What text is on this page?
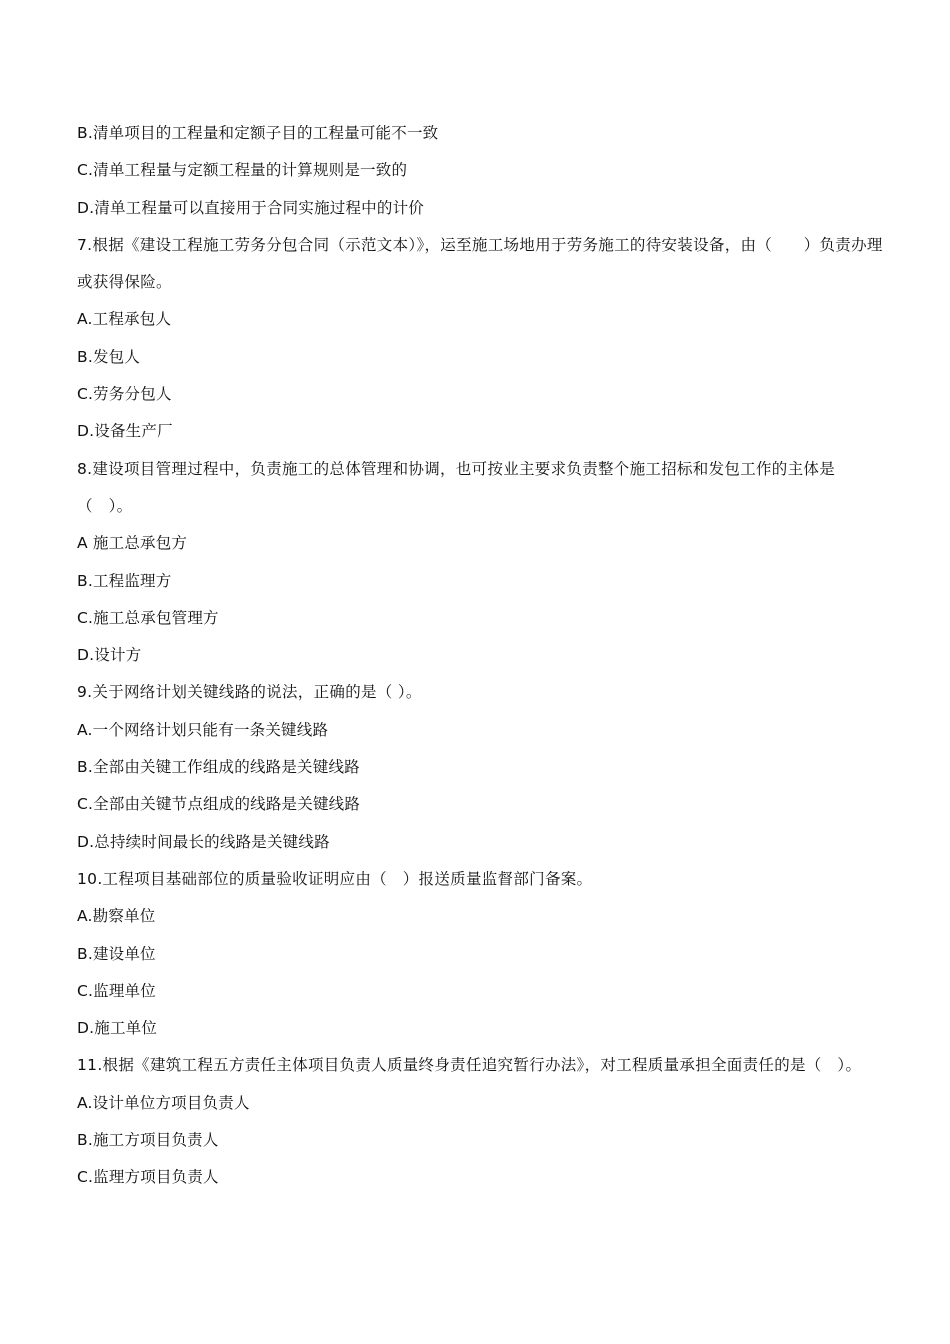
B.清单项目的工程量和定额子目的工程量可能不一致
C.清单工程量与定额工程量的计算规则是一致的
D.清单工程量可以直接用于合同实施过程中的计价
7.根据《建设工程施工劳务分包合同（示范文本）》，运至施工场地用于劳务施工的待安装设备，由（　　）负责办理或获得保险。
A.工程承包人
B.发包人
C.劳务分包人
D.设备生产厂
8.建设项目管理过程中，负责施工的总体管理和协调，也可按业主要求负责整个施工招标和发包工作的主体是（　）。
A 施工总承包方
B.工程监理方
C.施工总承包管理方
D.设计方
9.关于网络计划关键线路的说法，正确的是（ ）。
A.一个网络计划只能有一条关键线路
B.全部由关键工作组成的线路是关键线路
C.全部由关键节点组成的线路是关键线路
D.总持续时间最长的线路是关键线路
10.工程项目基础部位的质量验收证明应由（　）报送质量监督部门备案。
A.勘察单位
B.建设单位
C.监理单位
D.施工单位
11.根据《建筑工程五方责任主体项目负责人质量终身责任追究暂行办法》，对工程质量承担全面责任的是（　）。
A.设计单位方项目负责人
B.施工方项目负责人
C.监理方项目负责人
